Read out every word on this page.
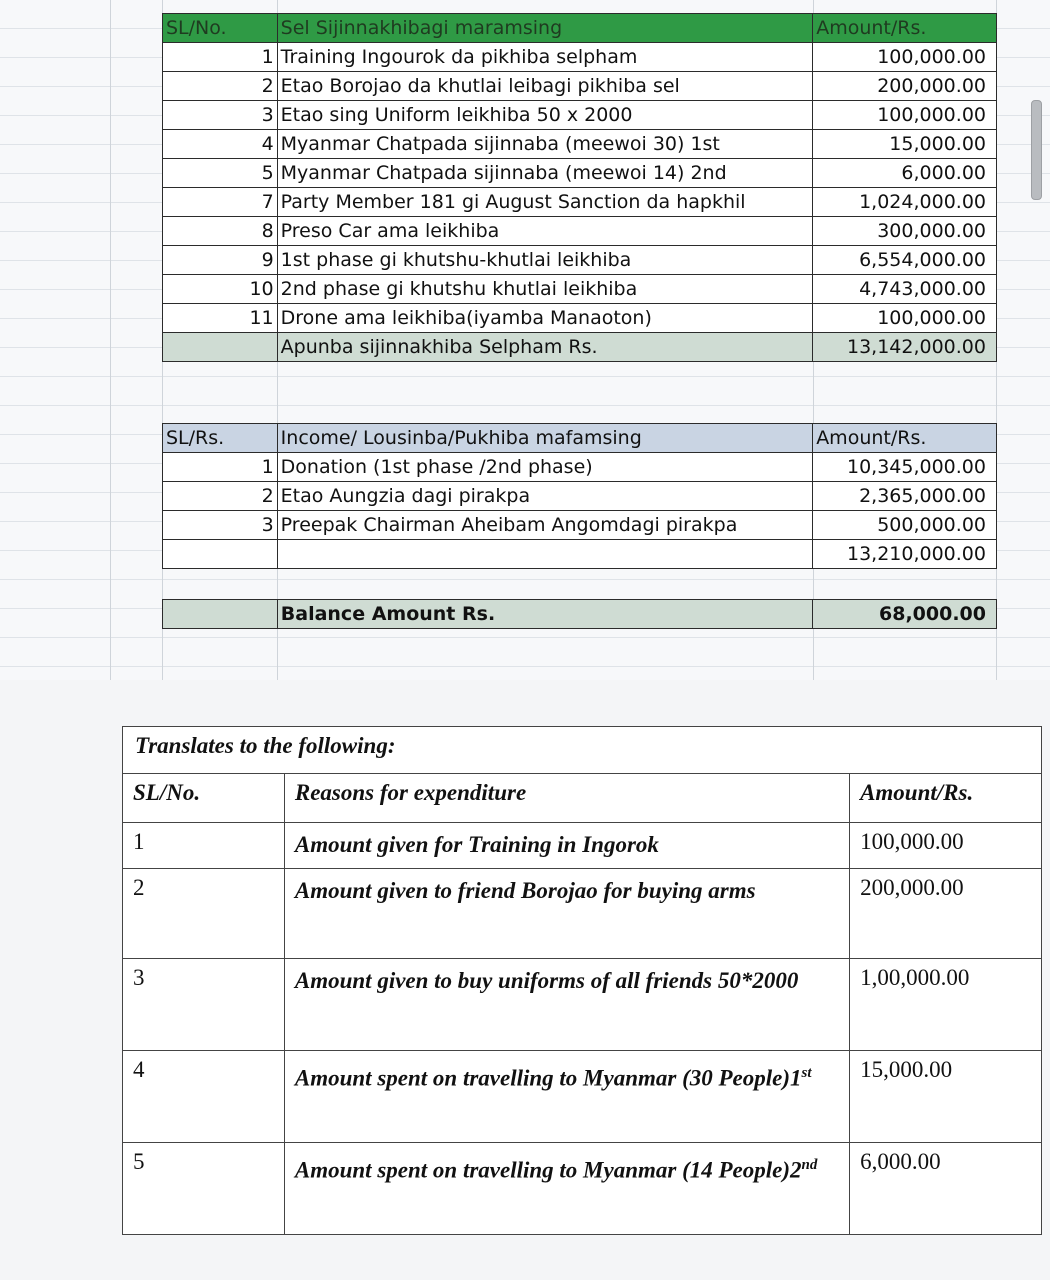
SL/No.	Sel Sijinnakhibagi maramsing	Amount/Rs.
1	Training Ingourok da pikhiba selpham	100,000.00
2	Etao Borojao da khutlai leibagi pikhiba sel	200,000.00
3	Etao sing Uniform leikhiba 50 x 2000	100,000.00
4	Myanmar Chatpada sijinnaba (meewoi 30) 1st	15,000.00
5	Myanmar Chatpada sijinnaba (meewoi 14) 2nd	6,000.00
7	Party Member 181 gi August Sanction da hapkhil	1,024,000.00
8	Preso Car ama leikhiba	300,000.00
9	1st phase gi khutshu-khutlai leikhiba	6,554,000.00
10	2nd phase gi khutshu khutlai leikhiba	4,743,000.00
11	Drone ama leikhiba(iyamba Manaoton)	100,000.00
	Apunba sijinnakhiba Selpham Rs.	13,142,000.00
SL/Rs.	Income/ Lousinba/Pukhiba mafamsing	Amount/Rs.
1	Donation (1st phase /2nd phase)	10,345,000.00
2	Etao Aungzia dagi pirakpa	2,365,000.00
3	Preepak Chairman Aheibam Angomdagi pirakpa	500,000.00
		13,210,000.00
	Balance Amount Rs.	68,000.00
Translates to the following:		
SL/No.	Reasons for expenditure	Amount/Rs.
1	Amount given for Training in Ingorok	100,000.00
2	Amount given to friend Borojao for buying arms	200,000.00
3	Amount given to buy uniforms of all friends 50*2000	1,00,000.00
4	Amount spent on travelling to Myanmar (30 People)1st	15,000.00
5	Amount spent on travelling to Myanmar (14 People)2nd	6,000.00
